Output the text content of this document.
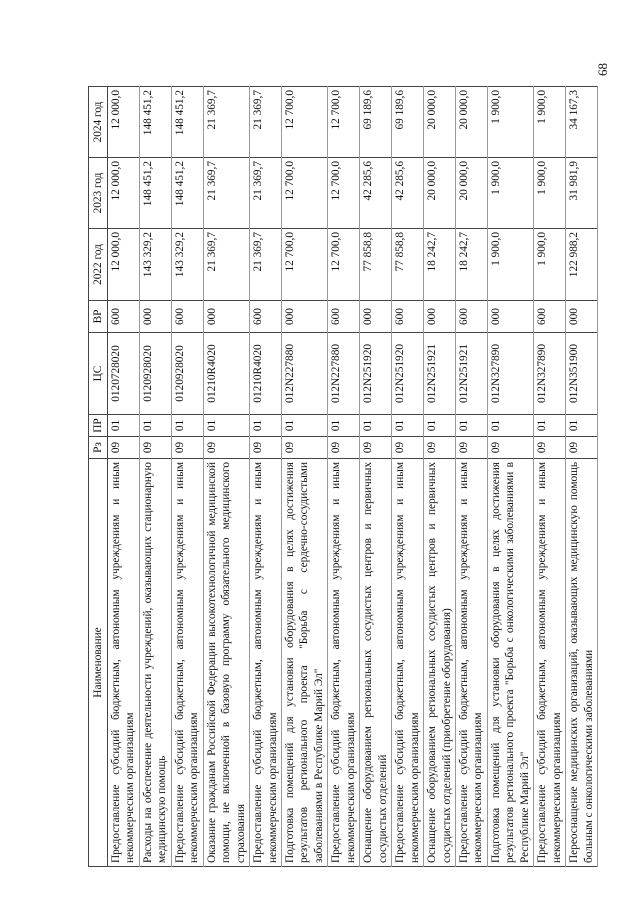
68
Наименование	Рз	ПР	ЦС	ВР	2022 год	2023 год	2024 год
Предоставление субсидий бюджетным, автономным учреждениям и иным некоммерческим организациям	09	01	0120728020	600	12 000,0	12 000,0	12 000,0
Расходы на обеспечение деятельности учреждений, оказывающих стационарную медицинскую помощь	09	01	0120928020	000	143 329,2	148 451,2	148 451,2
Предоставление субсидий бюджетным, автономным учреждениям и иным некоммерческим организациям	09	01	0120928020	600	143 329,2	148 451,2	148 451,2
Оказание гражданам Российской Федерации высокотехнологичной медицинской помощи, не включенной в базовую программу обязательного медицинского страхования	09	01	01210R4020	000	21 369,7	21 369,7	21 369,7
Предоставление субсидий бюджетным, автономным учреждениям и иным некоммерческим организациям	09	01	01210R4020	600	21 369,7	21 369,7	21 369,7
Подготовка помещений для установки оборудования в целях достижения результатов регионального проекта "Борьба с сердечно-сосудистыми заболеваниями в Республике Марий Эл"	09	01	012N227880	000	12 700,0	12 700,0	12 700,0
Предоставление субсидий бюджетным, автономным учреждениям и иным некоммерческим организациям	09	01	012N227880	600	12 700,0	12 700,0	12 700,0
Оснащение оборудованием региональных сосудистых центров и первичных сосудистых отделений	09	01	012N251920	000	77 858,8	42 285,6	69 189,6
Предоставление субсидий бюджетным, автономным учреждениям и иным некоммерческим организациям	09	01	012N251920	600	77 858,8	42 285,6	69 189,6
Оснащение оборудованием региональных сосудистых центров и первичных сосудистых отделений (приобретение оборудования)	09	01	012N251921	000	18 242,7	20 000,0	20 000,0
Предоставление субсидий бюджетным, автономным учреждениям и иным некоммерческим организациям	09	01	012N251921	600	18 242,7	20 000,0	20 000,0
Подготовка помещений для установки оборудования в целях достижения результатов регионального проекта "Борьба с онкологическими заболеваниями в Республике Марий Эл"	09	01	012N327890	000	1 900,0	1 900,0	1 900,0
Предоставление субсидий бюджетным, автономным учреждениям и иным некоммерческим организациям	09	01	012N327890	600	1 900,0	1 900,0	1 900,0
Переоснащение медицинских организаций, оказывающих медицинскую помощь больным с онкологическими заболеваниями	09	01	012N351900	000	122 988,2	31 981,9	34 167,3
